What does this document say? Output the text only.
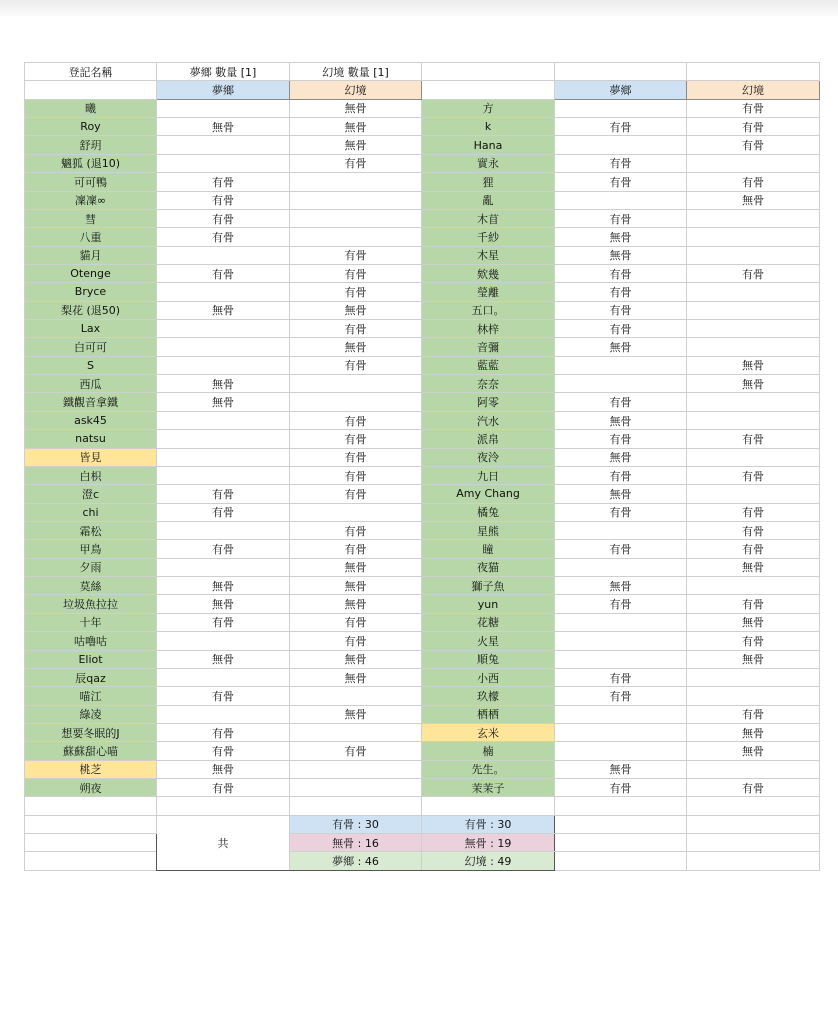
登記名稱	夢鄉 數量 [1]	幻境 數量 [1]			
	夢鄉	幻境		夢鄉	幻境
曦		無骨	方		有骨
Roy	無骨	無骨	k	有骨	有骨
舒玥		無骨	Hana		有骨
魑狐 (退10)		有骨	實永	有骨	
可可鴨	有骨		狸	有骨	有骨
凜凜∞	有骨		亂		無骨
彗	有骨		木苜	有骨	
八重	有骨		千紗	無骨	
貓月		有骨	木星	無骨	
Otenge	有骨	有骨	欸幾	有骨	有骨
Bryce		有骨	瑩離	有骨	
梨花 (退50)	無骨	無骨	五口。	有骨	
Lax		有骨	林梓	有骨	
白可可		無骨	音彌	無骨	
S		有骨	藍藍		無骨
西瓜	無骨		奈奈		無骨
鐵觀音拿鐵	無骨		阿零	有骨	
ask45		有骨	汽水	無骨	
natsu		有骨	派帛	有骨	有骨
皆見		有骨	夜泠	無骨	
白枳		有骨	九日	有骨	有骨
澄c	有骨	有骨	Amy Chang	無骨	
chi	有骨		橘兔	有骨	有骨
霜松		有骨	星熊		有骨
甲鳥	有骨	有骨	瞳	有骨	有骨
夕雨		無骨	夜猫		無骨
莫絲	無骨	無骨	獅子魚	無骨	
垃圾魚拉拉	無骨	無骨	yun	有骨	有骨
十年	有骨	有骨	花糖		無骨
咕嚕咕		有骨	火星		有骨
Eliot	無骨	無骨	順兔		無骨
辰qaz		無骨	小西	有骨	
喵江	有骨		玖檬	有骨	
綠凌		無骨	栖栖		有骨
想要冬眠的J	有骨		玄米		無骨
蘇蘇甜心喵	有骨	有骨	楠		無骨
桃芝	無骨		先生。	無骨	
朔夜	有骨		茉茉子	有骨	有骨

	共	有骨 : 30	有骨 : 30		
		無骨 : 16	無骨 : 19		
		夢鄉 : 46	幻境 : 49		
